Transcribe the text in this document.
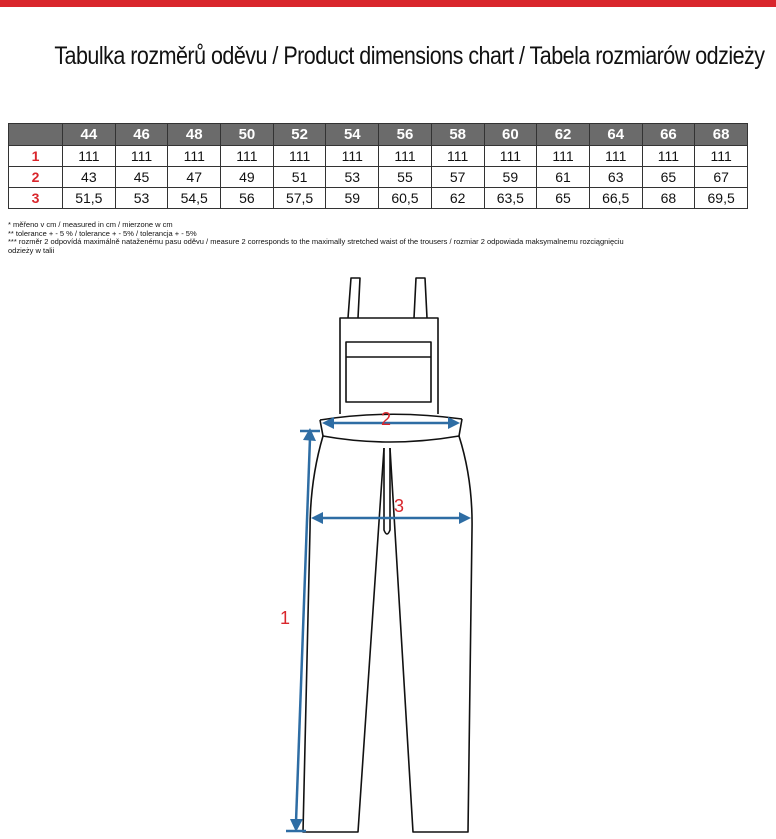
Tabulka rozměrů oděvu / Product dimensions chart / Tabela rozmiarów odzieży
	44	46	48	50	52	54	56	58	60	62	64	66	68
1	111	111	111	111	111	111	111	111	111	111	111	111	111
2	43	45	47	49	51	53	55	57	59	61	63	65	67
3	51,5	53	54,5	56	57,5	59	60,5	62	63,5	65	66,5	68	69,5
* měřeno v cm / measured in cm / mierzone w cm
** tolerance + - 5 % / tolerance + - 5% / tolerancja + - 5%
*** rozměr 2 odpovídá maximálně nataženému pasu oděvu / measure 2 corresponds to the maximally stretched waist of the trousers / rozmiar 2 odpowiada maksymalnemu rozciągnięciu
odzieży w talii
2
3
1
